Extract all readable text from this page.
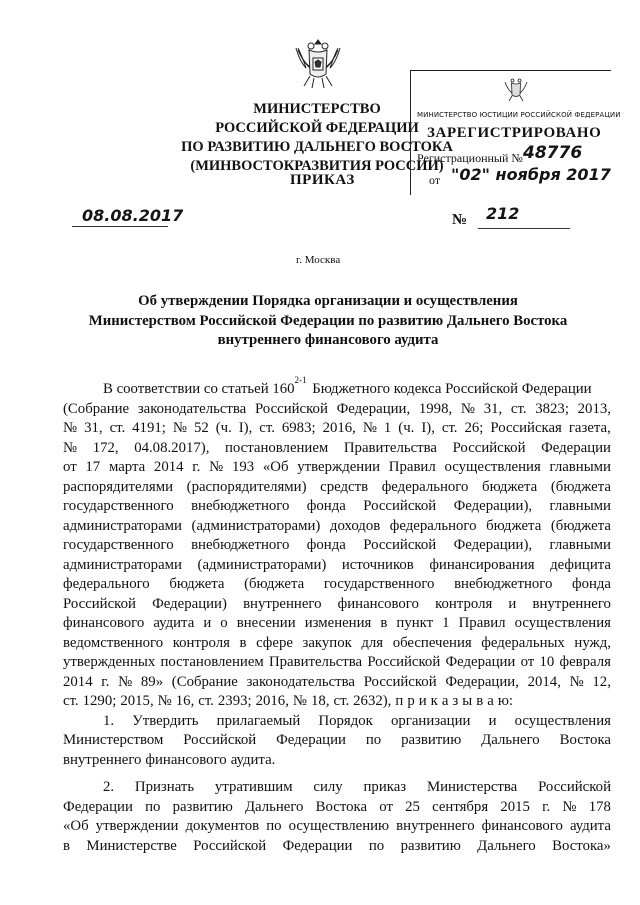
МИНИСТЕРСТВО
РОССИЙСКОЙ ФЕДЕРАЦИИ
ПО РАЗВИТИЮ ДАЛЬНЕГО ВОСТОКА
(МИНВОСТОКРАЗВИТИЯ РОССИИ)
МИНИСТЕРСТВО ЮСТИЦИИ РОССИЙСКОЙ ФЕДЕРАЦИИ
ЗАРЕГИСТРИРОВАНО
Регистрационный № 48776
от "02" ноября 2017
ПРИКАЗ
08.08.2017	№ 212
г. Москва
Об утверждении Порядка организации и осуществления
Министерством Российской Федерации по развитию Дальнего Востока
внутреннего финансового аудита
В соответствии со статьей 160
2-1

Бюджетного кодекса Российской Федерации
(Собрание законодательства Российской Федерации, 1998, № 31, ст. 3823; 2013,
№ 31, ст. 4191; № 52 (ч. I), ст. 6983; 2016, № 1 (ч. I), ст. 26; Российская газета,
№ 172, 04.08.2017), постановлением Правительства Российской Федерации
от 17 марта 2014 г. № 193 «Об утверждении Правил осуществления главными
распорядителями (распорядителями) средств федерального бюджета (бюджета
государственного внебюджетного фонда Российской Федерации), главными
администраторами (администраторами) доходов федерального бюджета (бюджета
государственного внебюджетного фонда Российской Федерации), главными
администраторами (администраторами) источников финансирования дефицита
федерального бюджета (бюджета государственного внебюджетного фонда
Российской Федерации) внутреннего финансового контроля и внутреннего
финансового аудита и о внесении изменения в пункт 1 Правил осуществления
ведомственного контроля в сфере закупок для обеспечения федеральных нужд,
утвержденных постановлением Правительства Российской Федерации от 10 февраля
2014 г. № 89» (Собрание законодательства Российской Федерации, 2014, № 12,
ст. 1290; 2015, № 16, ст. 2393; 2016, № 18, ст. 2632), п р и к а з ы в а ю:
1. Утвердить прилагаемый Порядок организации и осуществления
Министерством Российской Федерации по развитию Дальнего Востока
внутреннего финансового аудита.
2. Признать утратившим силу приказ Министерства Российской
Федерации по развитию Дальнего Востока от 25 сентября 2015 г. № 178
«Об утверждении документов по осуществлению внутреннего финансового аудита
в Министерстве Российской Федерации по развитию Дальнего Востока»
